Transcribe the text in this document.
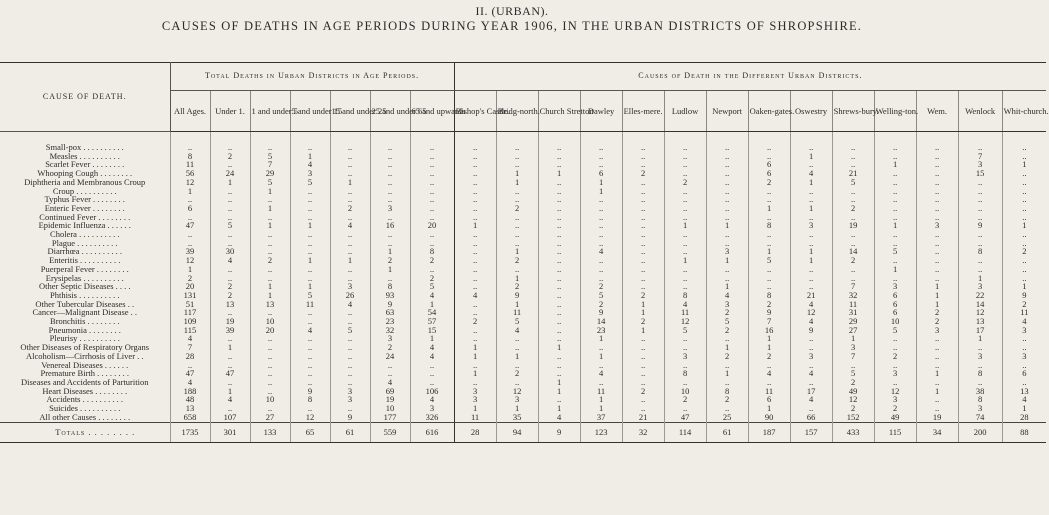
II. (URBAN).
CAUSES OF DEATHS IN AGE PERIODS DURING YEAR 1906, IN THE URBAN DISTRICTS OF SHROPSHIRE.
CAUSE OF DEATH.	Total Deaths in Urban Districts in Age Periods.							Causes of Death in the Different Urban Districts.													
	All Ages.	Under 1.	1 and under 5	5 and under 15	15 and under 25	25 and under 65	65 and upwards	Bishop's Castle.	Bridg-north.	Church Stretton	Dawley	Elles-mere.	Ludlow	Newport	Oaken-gates.	Oswestry	Shrews-bury.	Welling-ton.	Wem.	Wenlock	Whit-church.

Small-pox . . . . . . . . . .	..	..	..	..	..	..	..	..	..	..	..	..	..	..	..	..	..	..	..	..	..
Measles . . . . . . . . . .	8	2	5	1	..	..	..	..	..	..	..	..	..	..	..	1	..	..	..	7	..
Scarlet Fever . . . . . . . .	11	..	7	4	..	..	..	..	..	..	..	..	..	..	6	..	..	1	..	3	1
Whooping Cough . . . . . . . .	56	24	29	3	..	..	..	..	1	1	6	2	..	..	6	4	21	..	..	15	..
Diphtheria and Membranous Croup	12	1	5	5	1	..	..	..	1	..	1	..	2	..	2	1	5	..	..	..	..
Croup . . . . . . . . . .	1	..	1	..	..	..	..	..	..	..	1	..	..	..	..	..	..	..	..	..	..
Typhus Fever . . . . . . . .	..	..	..	..	..	..	..	..	..	..	..	..	..	..	..	..	..	..	..	..	..
Enteric Fever . . . . . . . .	6	..	1	..	2	3	..	..	2	..	..	..	..	..	1	1	2	..	..	..	..
Continued Fever . . . . . . . .	..	..	..	..	..	..	..	..	..	..	..	..	..	..	..	..	..	..	..	..	..
Epidemic Influenza . . . . . .	47	5	1	1	4	16	20	1	..	..	..	..	1	1	8	3	19	1	3	9	1
Cholera . . . . . . . . . .	..	..	..	..	..	..	..	..	..	..	..	..	..	..	..	..	..	..	..	..	..
Plague . . . . . . . . . .	..	..	..	..	..	..	..	..	..	..	..	..	..	..	..	..	..	..	..	..	..
Diarrhœa . . . . . . . . . .	39	30	..	..	..	1	8	..	1	..	4	..	..	3	1	1	14	5	..	8	2
Enteritis . . . . . . . . . .	12	4	2	1	1	2	2	..	2	..	..	..	1	1	5	1	2	..	..	..	..
Puerperal Fever . . . . . . . .	1	..	..	..	..	1	..	..	..	..	..	..	..	..	..	..	..	1	..	..	..
Erysipelas . . . . . . . . . .	2	..	..	..	..	..	2	..	1	..	..	..	..	..	..	..	..	..	..	1	..
Other Septic Diseases . . . .	20	2	1	1	3	8	5	..	2	..	2	..	..	1	..	..	7	3	1	3	1
Phthisis . . . . . . . . . .	131	2	1	5	26	93	4	4	9	..	5	2	8	4	8	21	32	6	1	22	9
Other Tubercular Diseases . .	51	13	13	11	4	9	1	..	1	..	2	1	4	3	2	4	11	6	1	14	2
Cancer—Malignant Disease . .	117	..	..	..	..	63	54	..	11	..	9	1	11	2	9	12	31	6	2	12	11
Bronchitis . . . . . . . .	109	19	10	..	..	23	57	2	5	..	14	2	12	5	7	4	29	10	2	13	4
Pneumonia . . . . . . . .	115	39	20	4	5	32	15	..	4	..	23	1	5	2	16	9	27	5	3	17	3
Pleurisy . . . . . . . . . .	4	..	..	..	..	3	1	..	..	..	1	..	..	..	1	..	1	..	..	1	..
Other Diseases of Respiratory Organs	7	1	..	..	..	2	4	1	..	1	..	..	..	1	1	..	3	..	..	..	..
Alcoholism—Cirrhosis of Liver . .	28	..	..	..	..	24	4	1	1	..	1	..	3	2	2	3	7	2	..	3	3
Venereal Diseases . . . . . .	..	..	..	..	..	..	..	..	..	..	..	..	..	..	..	..	..	..	..	..	..
Premature Birth . . . . . . . .	47	47	..	..	..	..	..	1	2	..	4	..	8	1	4	4	5	3	1	8	6
Diseases and Accidents of Parturition	4	..	..	..	..	4	..	..	..	1	..	..	..	..	..	..	2	..	..	..	..
Heart Diseases . . . . . . . .	188	1	..	9	3	69	106	3	12	1	11	2	10	8	11	17	49	12	1	38	13
Accidents . . . . . . . . . .	48	4	10	8	3	19	4	3	3	..	1	..	2	2	6	4	12	3	..	8	4
Suicides . . . . . . . . . .	13	..	..	..	..	10	3	1	1	1	1	..	..	..	1	..	2	2	..	3	1
All other Causes . . . . . . . .	658	107	27	12	9	177	326	11	35	4	37	21	47	25	90	66	152	49	19	74	28
Totals . . . . . . . .	1735	301	133	65	61	559	616	28	94	9	123	32	114	61	187	157	433	115	34	200	88
